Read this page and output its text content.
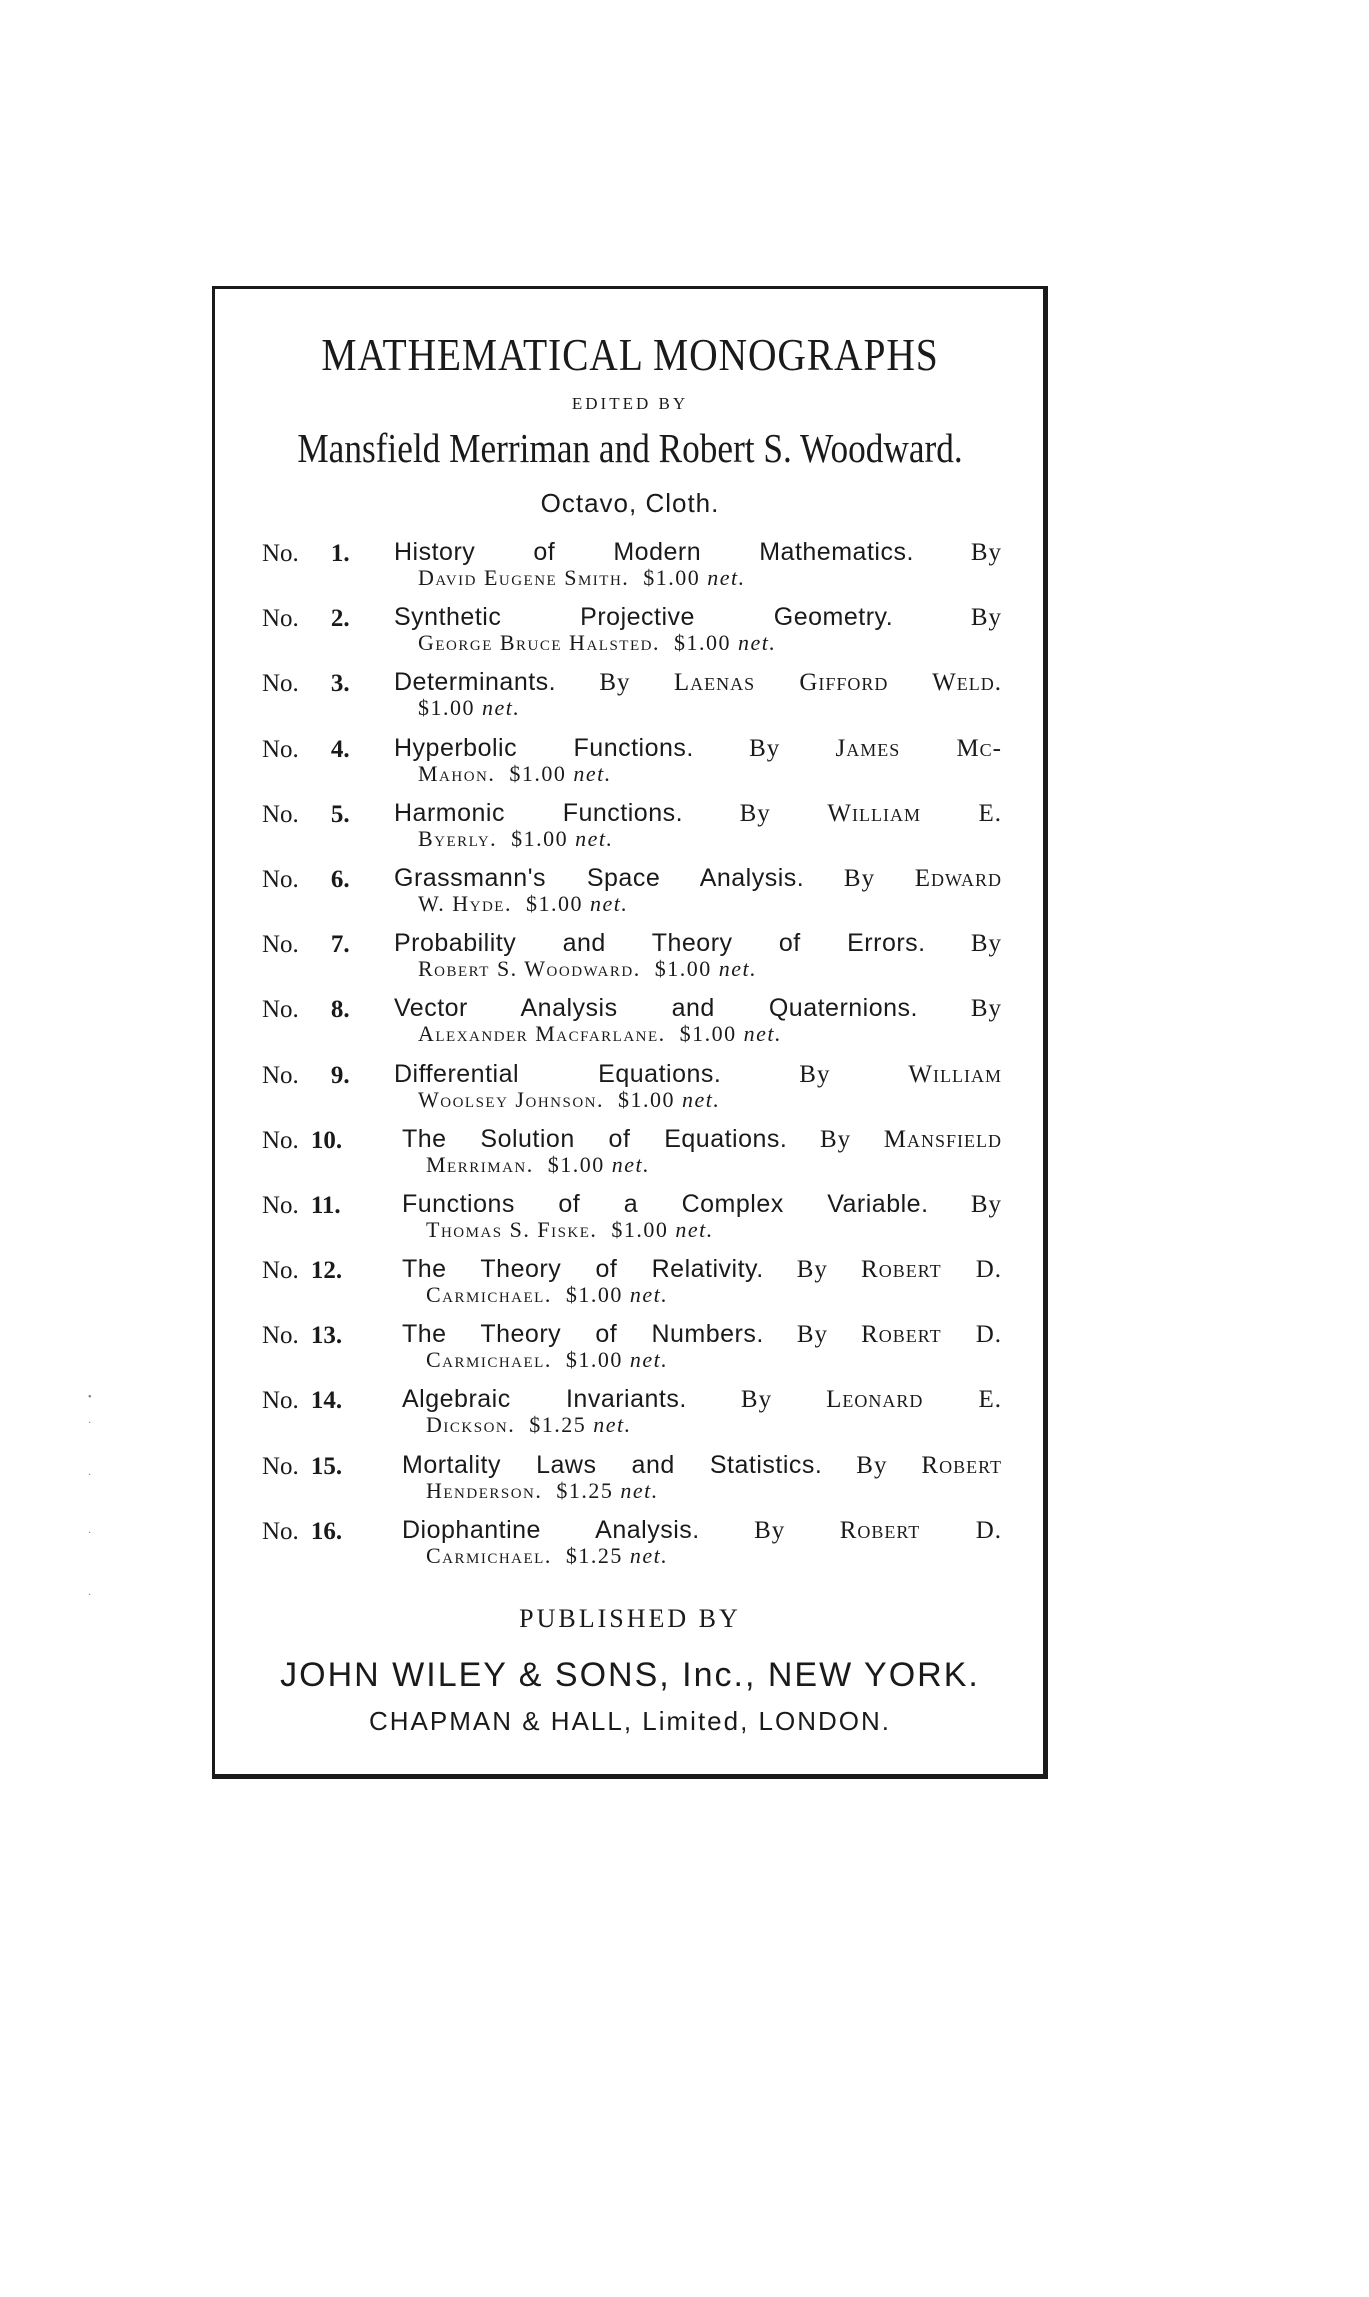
MATHEMATICAL MONOGRAPHS
EDITED BY
Mansfield Merriman and Robert S. Woodward.
Octavo, Cloth.
No. 1. History of Modern Mathematics. By
David Eugene Smith. $1.00 net.
No. 2. Synthetic Projective Geometry.	By
George Bruce Halsted. $1.00 net.
No. 3. Determinants. By Laenas Gifford Weld.
$1.00 net.
No. 4. Hyperbolic Functions. By James Mc-
Mahon. $1.00 net.
No. 5. Harmonic Functions. By William E.
Byerly. $1.00 net.
No. 6. Grassmann's Space Analysis. By Edward
W. Hyde. $1.00 net.
No. 7. Probability and Theory of Errors. By
Robert S. Woodward. $1.00 net.
No. 8. Vector Analysis and Quaternions. By
Alexander Macfarlane. $1.00 net.
No. 9. Differential Equations.	By	William
Woolsey Johnson. $1.00 net.
No. 10. The Solution of Equations. By Mansfield
Merriman. $1.00 net.
No. 11. Functions of a Complex Variable. By
Thomas S. Fiske. $1.00 net.
No. 12. The Theory of Relativity. By Robert D.
Carmichael. $1.00 net.
No. 13. The Theory of Numbers. By Robert D.
Carmichael. $1.00 net.
No. 14. Algebraic Invariants. By Leonard E.
Dickson. $1.25 net.
No. 15. Mortality Laws and Statistics. By Robert
Henderson. $1.25 net.
No. 16. Diophantine Analysis. By Robert D.
Carmichael. $1.25 net.
PUBLISHED BY
JOHN WILEY & SONS, Inc., NEW YORK.
CHAPMAN & HALL, Limited, LONDON.
•
·
·
·
·
